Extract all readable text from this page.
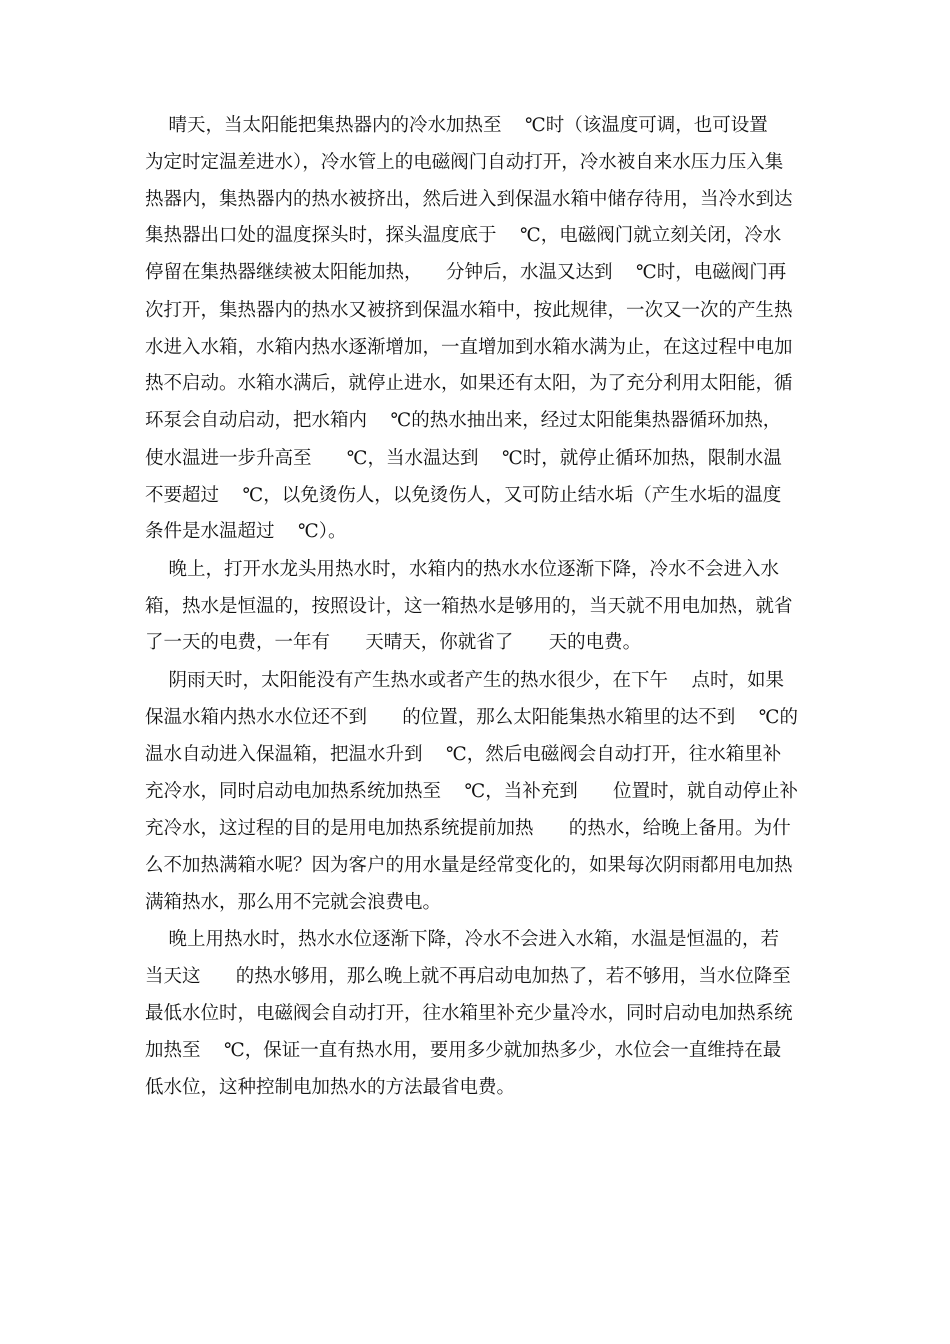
晴天，当太阳能把集热器内的冷水加热至    ℃时（该温度可调，也可设置
为定时定温差进水），冷水管上的电磁阀门自动打开，冷水被自来水压力压入集
热器内，集热器内的热水被挤出，然后进入到保温水箱中储存待用，当冷水到达
集热器出口处的温度探头时，探头温度底于    ℃，电磁阀门就立刻关闭，冷水
停留在集热器继续被太阳能加热，    分钟后，水温又达到    ℃时，电磁阀门再
次打开，集热器内的热水又被挤到保温水箱中，按此规律，一次又一次的产生热
水进入水箱，水箱内热水逐渐增加，一直增加到水箱水满为止，在这过程中电加
热不启动。水箱水满后，就停止进水，如果还有太阳，为了充分利用太阳能，循
环泵会自动启动，把水箱内    ℃的热水抽出来，经过太阳能集热器循环加热，
使水温进一步升高至      ℃，当水温达到    ℃时，就停止循环加热，限制水温
不要超过    ℃，以免烫伤人，以免烫伤人，又可防止结水垢（产生水垢的温度
条件是水温超过    ℃）。
晚上，打开水龙头用热水时，水箱内的热水水位逐渐下降，冷水不会进入水
箱，热水是恒温的，按照设计，这一箱热水是够用的，当天就不用电加热，就省
了一天的电费，一年有      天晴天，你就省了      天的电费。
阴雨天时，太阳能没有产生热水或者产生的热水很少，在下午    点时，如果
保温水箱内热水水位还不到      的位置，那么太阳能集热水箱里的达不到    ℃的
温水自动进入保温箱，把温水升到    ℃，然后电磁阀会自动打开，往水箱里补
充冷水，同时启动电加热系统加热至    ℃，当补充到      位置时，就自动停止补
充冷水，这过程的目的是用电加热系统提前加热      的热水，给晚上备用。为什
么不加热满箱水呢？因为客户的用水量是经常变化的，如果每次阴雨都用电加热
满箱热水，那么用不完就会浪费电。
晚上用热水时，热水水位逐渐下降，冷水不会进入水箱，水温是恒温的，若
当天这      的热水够用，那么晚上就不再启动电加热了，若不够用，当水位降至
最低水位时，电磁阀会自动打开，往水箱里补充少量冷水，同时启动电加热系统
加热至    ℃，保证一直有热水用，要用多少就加热多少，水位会一直维持在最
低水位，这种控制电加热水的方法最省电费。
